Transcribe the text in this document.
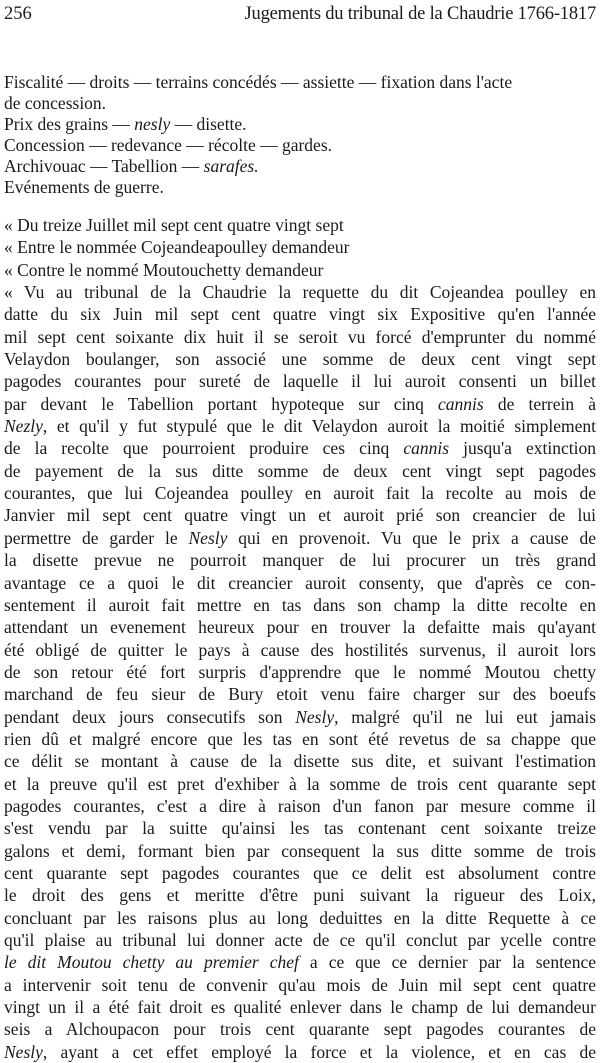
256	Jugements du tribunal de la Chaudrie 1766-1817
Fiscalité — droits — terrains concédés — assiette — fixation dans l'acte
de concession.
Prix des grains — nesly — disette.
Concession — redevance — récolte — gardes.
Archivouac — Tabellion — sarafes.
Evénements de guerre.
« Du treize Juillet mil sept cent quatre vingt sept
« Entre le nommée Cojeandeapoulley demandeur
« Contre le nommé Moutouchetty demandeur
« Vu au tribunal de la Chaudrie la requette du dit Cojeandea poulley en
datte du six Juin mil sept cent quatre vingt six Expositive qu'en l'année
mil sept cent soixante dix huit il se seroit vu forcé d'emprunter du nommé
Velaydon boulanger, son associé une somme de deux cent vingt sept
pagodes courantes pour sureté de laquelle il lui auroit consenti un billet
par devant le Tabellion portant hypoteque sur cinq cannis de terrein à
Nezly, et qu'il y fut stypulé que le dit Velaydon auroit la moitié simplement
de la recolte que pourroient produire ces cinq cannis jusqu'a extinction
de payement de la sus ditte somme de deux cent vingt sept pagodes
courantes, que lui Cojeandea poulley en auroit fait la recolte au mois de
Janvier mil sept cent quatre vingt un et auroit prié son creancier de lui
permettre de garder le Nesly qui en provenoit. Vu que le prix a cause de
la disette prevue ne pourroit manquer de lui procurer un très grand
avantage ce a quoi le dit creancier auroit consenty, que d'après ce con-
sentement il auroit fait mettre en tas dans son champ la ditte recolte en
attendant un evenement heureux pour en trouver la defaitte mais qu'ayant
été obligé de quitter le pays à cause des hostilités survenus, il auroit lors
de son retour été fort surpris d'apprendre que le nommé Moutou chetty
marchand de feu sieur de Bury etoit venu faire charger sur des boeufs
pendant deux jours consecutifs son Nesly, malgré qu'il ne lui eut jamais
rien dû et malgré encore que les tas en sont été revetus de sa chappe que
ce délit se montant à cause de la disette sus dite, et suivant l'estimation
et la preuve qu'il est pret d'exhiber à la somme de trois cent quarante sept
pagodes courantes, c'est a dire à raison d'un fanon par mesure comme il
s'est vendu par la suitte qu'ainsi les tas contenant cent soixante treize
galons et demi, formant bien par consequent la sus ditte somme de trois
cent quarante sept pagodes courantes que ce delit est absolument contre
le droit des gens et meritte d'être puni suivant la rigueur des Loix,
concluant par les raisons plus au long deduittes en la ditte Requette à ce
qu'il plaise au tribunal lui donner acte de ce qu'il conclut par ycelle contre
le dit Moutou chetty au premier chef a ce que ce dernier par la sentence
a intervenir soit tenu de convenir qu'au mois de Juin mil sept cent quatre
vingt un il a été fait droit es qualité enlever dans le champ de lui demandeur
seis a Alchoupacon pour trois cent quarante sept pagodes courantes de
Nesly, ayant a cet effet employé la force et la violence, et en cas de
